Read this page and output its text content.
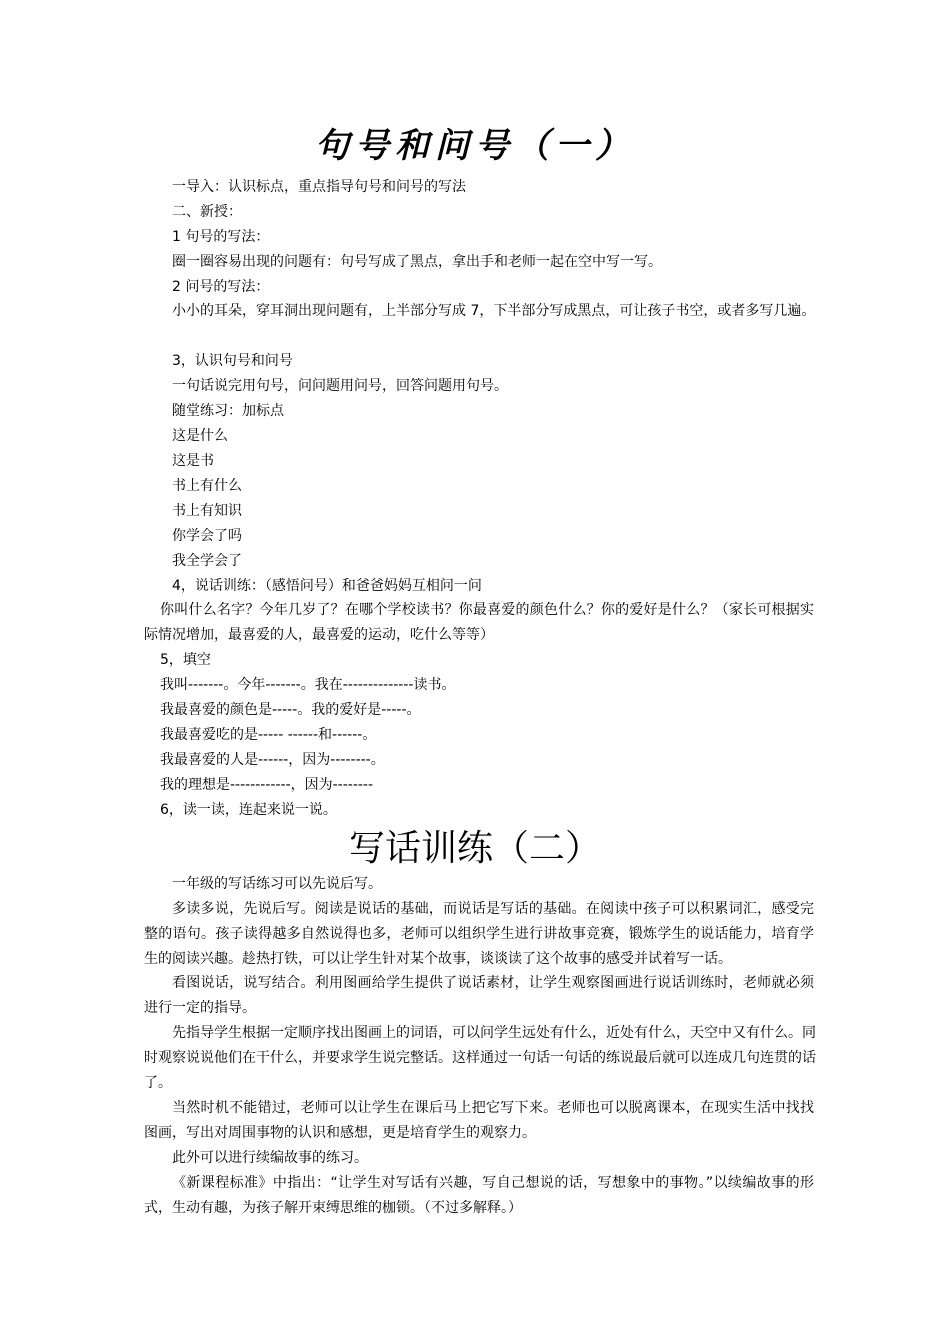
句号和问号（一）
一导入：认识标点，重点指导句号和问号的写法
二、新授：
1 句号的写法：
圈一圈容易出现的问题有：句号写成了黑点，拿出手和老师一起在空中写一写。
2 问号的写法：
小小的耳朵，穿耳洞出现问题有，上半部分写成 7，下半部分写成黑点，可让孩子书空，或者多写几遍。
3，认识句号和问号
一句话说完用句号，问问题用问号，回答问题用句号。
随堂练习：加标点
这是什么
这是书
书上有什么
书上有知识
你学会了吗
我全学会了
4，说话训练：（感悟问号）和爸爸妈妈互相问一问
你叫什么名字？今年几岁了？在哪个学校读书？你最喜爱的颜色什么？你的爱好是什么？（家长可根据实际情况增加，最喜爱的人，最喜爱的运动，吃什么等等）
5，填空
我叫-------。今年-------。我在--------------读书。
我最喜爱的颜色是-----。我的爱好是-----。
我最喜爱吃的是----- ------和------。
我最喜爱的人是------，因为--------。
我的理想是------------，因为--------
6，读一读，连起来说一说。
写话训练（二）
一年级的写话练习可以先说后写。
多读多说，先说后写。阅读是说话的基础，而说话是写话的基础。在阅读中孩子可以积累词汇，感受完整的语句。孩子读得越多自然说得也多，老师可以组织学生进行讲故事竞赛，锻炼学生的说话能力，培育学生的阅读兴趣。趁热打铁，可以让学生针对某个故事，谈谈读了这个故事的感受并试着写一话。
看图说话，说写结合。利用图画给学生提供了说话素材，让学生观察图画进行说话训练时，老师就必须进行一定的指导。
先指导学生根据一定顺序找出图画上的词语，可以问学生远处有什么，近处有什么，天空中又有什么。同时观察说说他们在干什么，并要求学生说完整话。这样通过一句话一句话的练说最后就可以连成几句连贯的话了。
当然时机不能错过，老师可以让学生在课后马上把它写下来。老师也可以脱离课本，在现实生活中找找图画，写出对周围事物的认识和感想，更是培育学生的观察力。
此外可以进行续编故事的练习。
《新课程标准》中指出：“让学生对写话有兴趣，写自己想说的话，写想象中的事物。”以续编故事的形式，生动有趣，为孩子解开束缚思维的枷锁。（不过多解释。）
